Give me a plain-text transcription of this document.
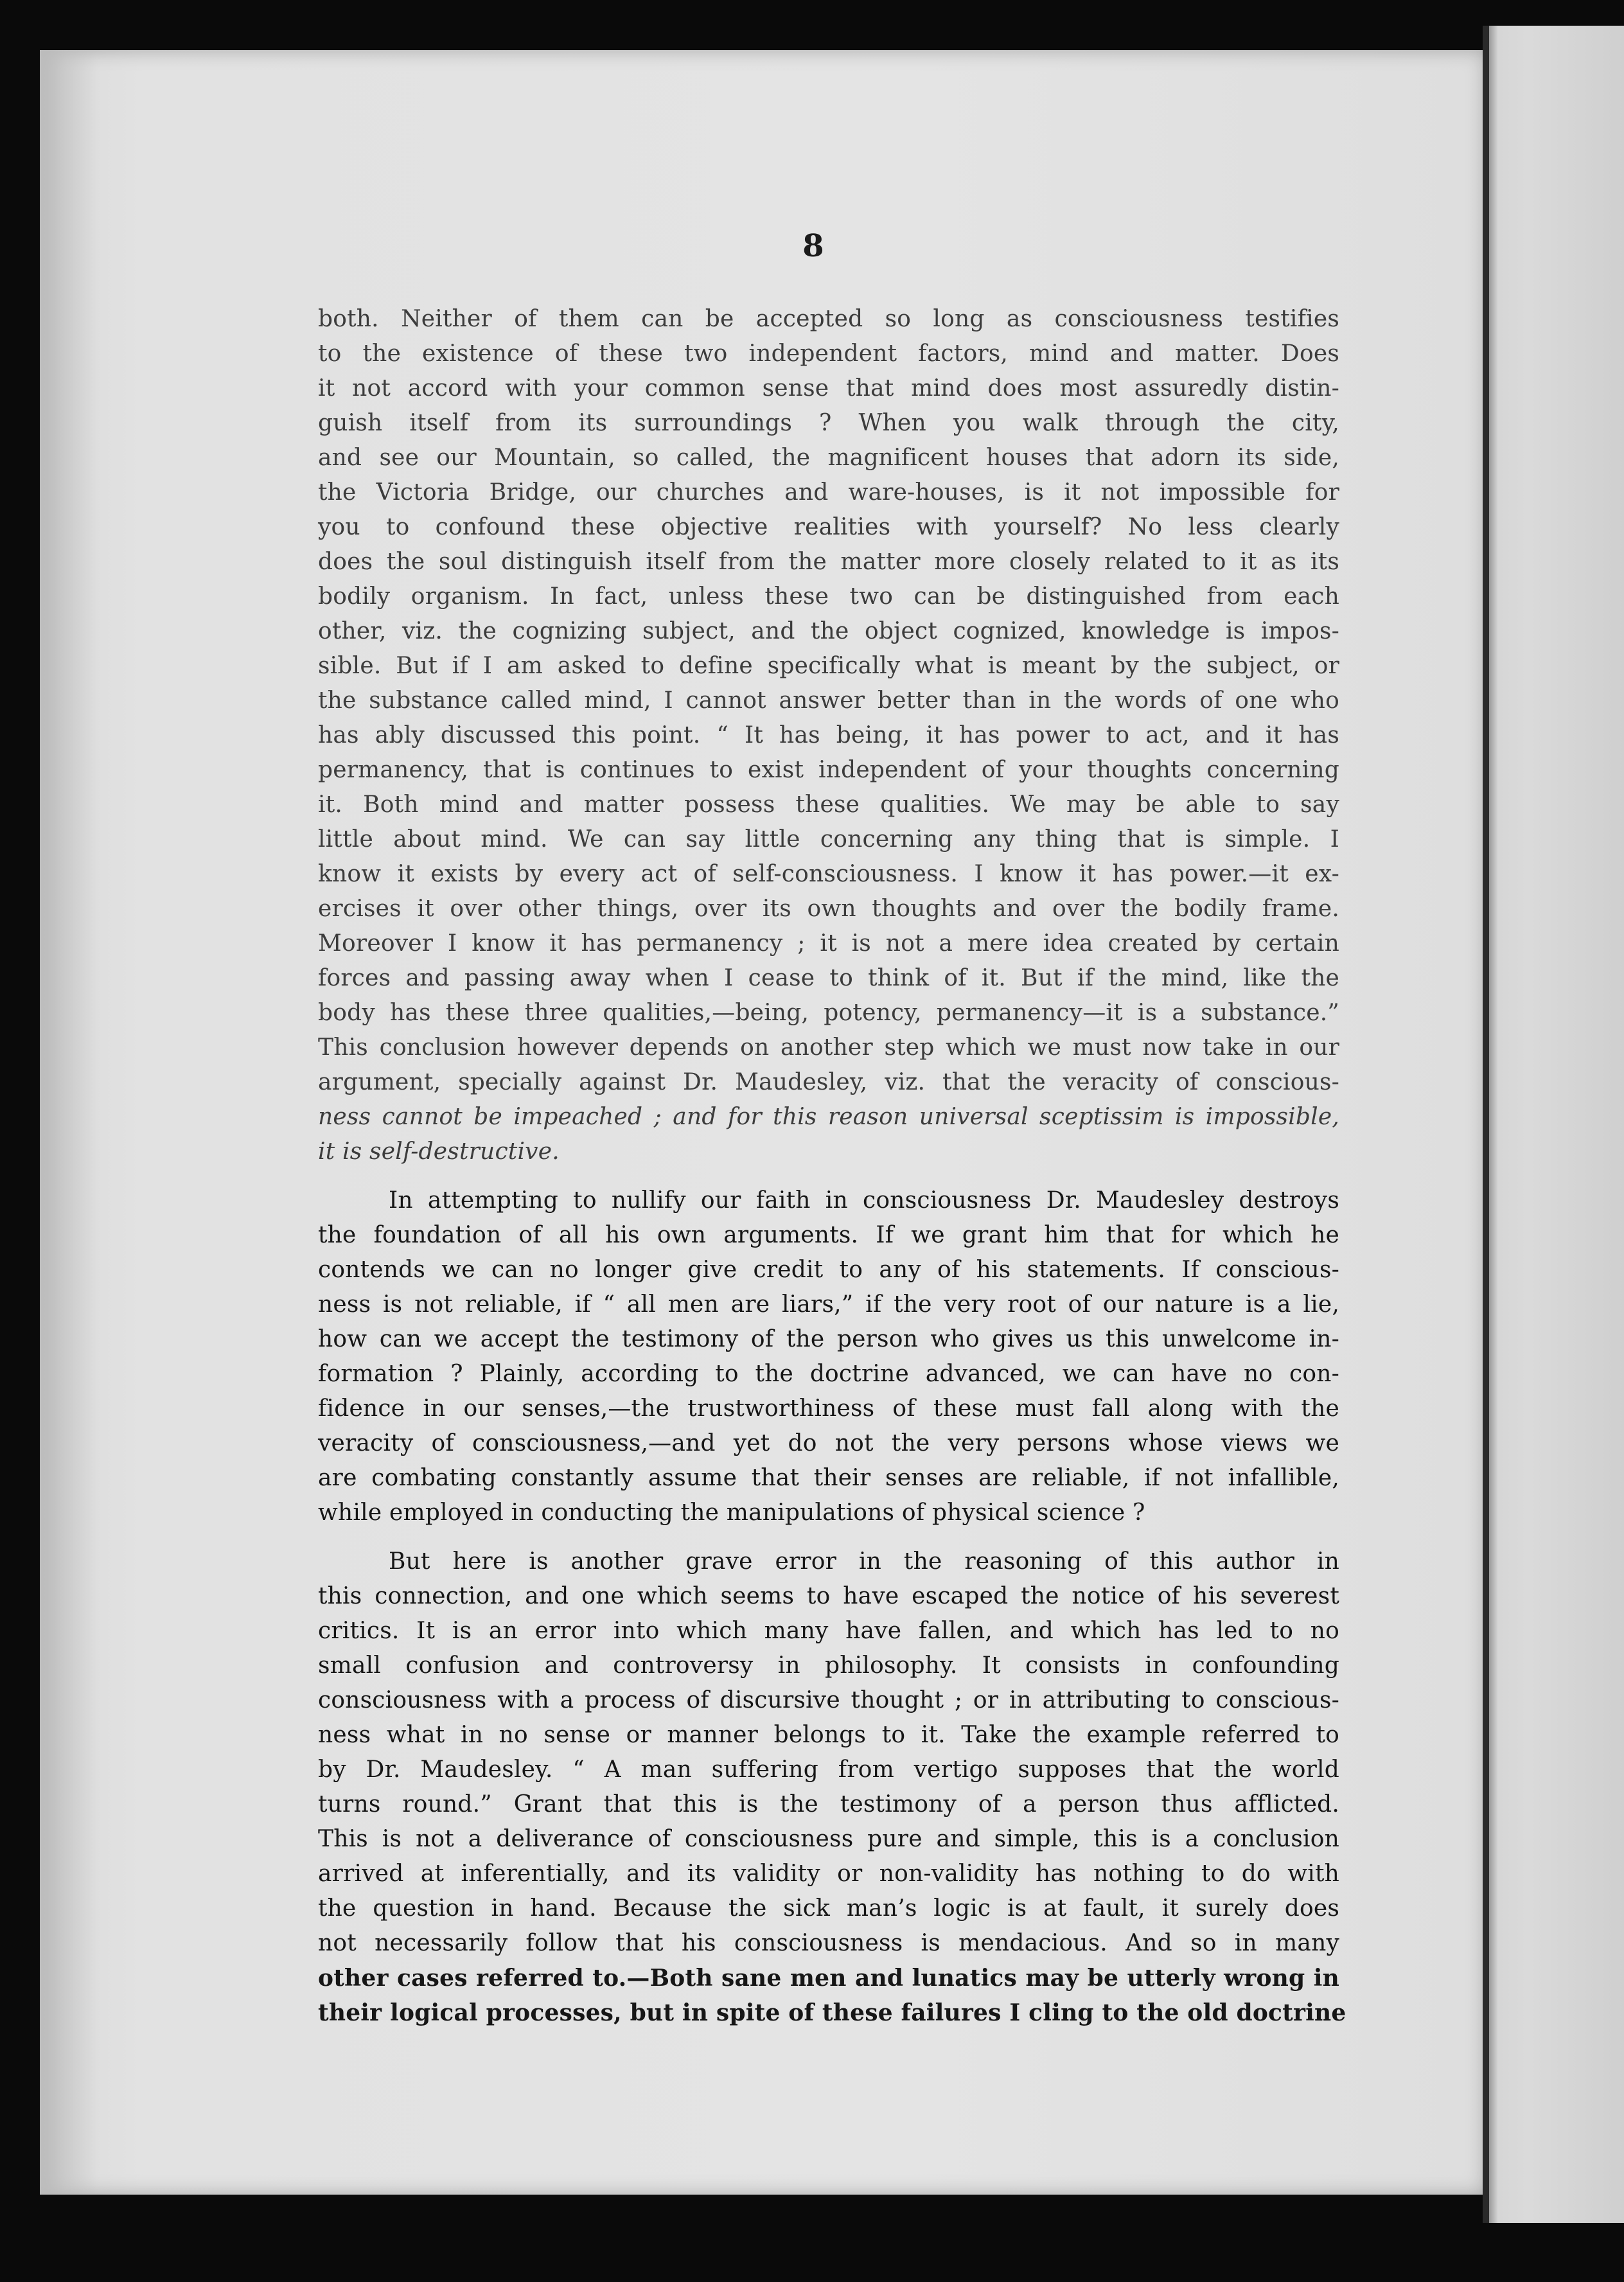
8
both. Neither of them can be accepted so long as consciousness testifies
to the existence of these two independent factors, mind and matter. Does
it not accord with your common sense that mind does most assuredly distin-
guish itself from its surroundings ? When you walk through the city,
and see our Mountain, so called, the magnificent houses that adorn its side,
the Victoria Bridge, our churches and ware-houses, is it not impossible for
you to confound these objective realities with yourself? No less clearly
does the soul distinguish itself from the matter more closely related to it as its
bodily organism. In fact, unless these two can be distinguished from each
other, viz. the cognizing subject, and the object cognized, knowledge is impos-
sible. But if I am asked to define specifically what is meant by the subject, or
the substance called mind, I cannot answer better than in the words of one who
has ably discussed this point. “ It has being, it has power to act, and it has
permanency, that is continues to exist independent of your thoughts concerning
it. Both mind and matter possess these qualities. We may be able to say
little about mind. We can say little concerning any thing that is simple. I
know it exists by every act of self-consciousness. I know it has power.—it ex-
ercises it over other things, over its own thoughts and over the bodily frame.
Moreover I know it has permanency ; it is not a mere idea created by certain
forces and passing away when I cease to think of it. But if the mind, like the
body has these three qualities,—being, potency, permanency—it is a substance.”
This conclusion however depends on another step which we must now take in our
argument, specially against Dr. Maudesley, viz. that the veracity of conscious-
ness cannot be impeached ; and for this reason universal sceptissim is impossible,
it is self-destructive.
In attempting to nullify our faith in consciousness Dr. Maudesley destroys
the foundation of all his own arguments. If we grant him that for which he
contends we can no longer give credit to any of his statements. If conscious-
ness is not reliable, if “ all men are liars,” if the very root of our nature is a lie,
how can we accept the testimony of the person who gives us this unwelcome in-
formation ? Plainly, according to the doctrine advanced, we can have no con-
fidence in our senses,—the trustworthiness of these must fall along with the
veracity of consciousness,—and yet do not the very persons whose views we
are combating constantly assume that their senses are reliable, if not infallible,
while employed in conducting the manipulations of physical science ?
But here is another grave error in the reasoning of this author in
this connection, and one which seems to have escaped the notice of his severest
critics. It is an error into which many have fallen, and which has led to no
small confusion and controversy in philosophy. It consists in confounding
consciousness with a process of discursive thought ; or in attributing to conscious-
ness what in no sense or manner belongs to it. Take the example referred to
by Dr. Maudesley. “ A man suffering from vertigo supposes that the world
turns round.” Grant that this is the testimony of a person thus afflicted.
This is not a deliverance of consciousness pure and simple, this is a conclusion
arrived at inferentially, and its validity or non-validity has nothing to do with
the question in hand. Because the sick man’s logic is at fault, it surely does
not necessarily follow that his consciousness is mendacious. And so in many
other cases referred to.—Both sane men and lunatics may be utterly wrong in
their logical processes, but in spite of these failures I cling to the old doctrine
